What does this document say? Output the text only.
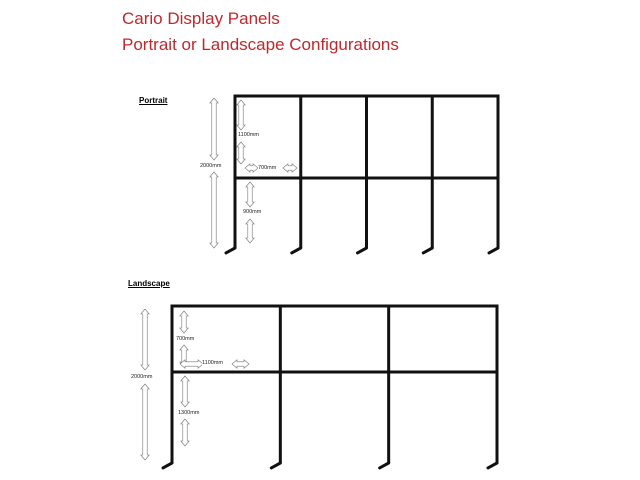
Cario Display Panels
Portrait or Landscape Configurations
Portrait
Landscape
2000mm
1100mm
700mm
900mm
2000mm
700mm
1100mm
1300mm
